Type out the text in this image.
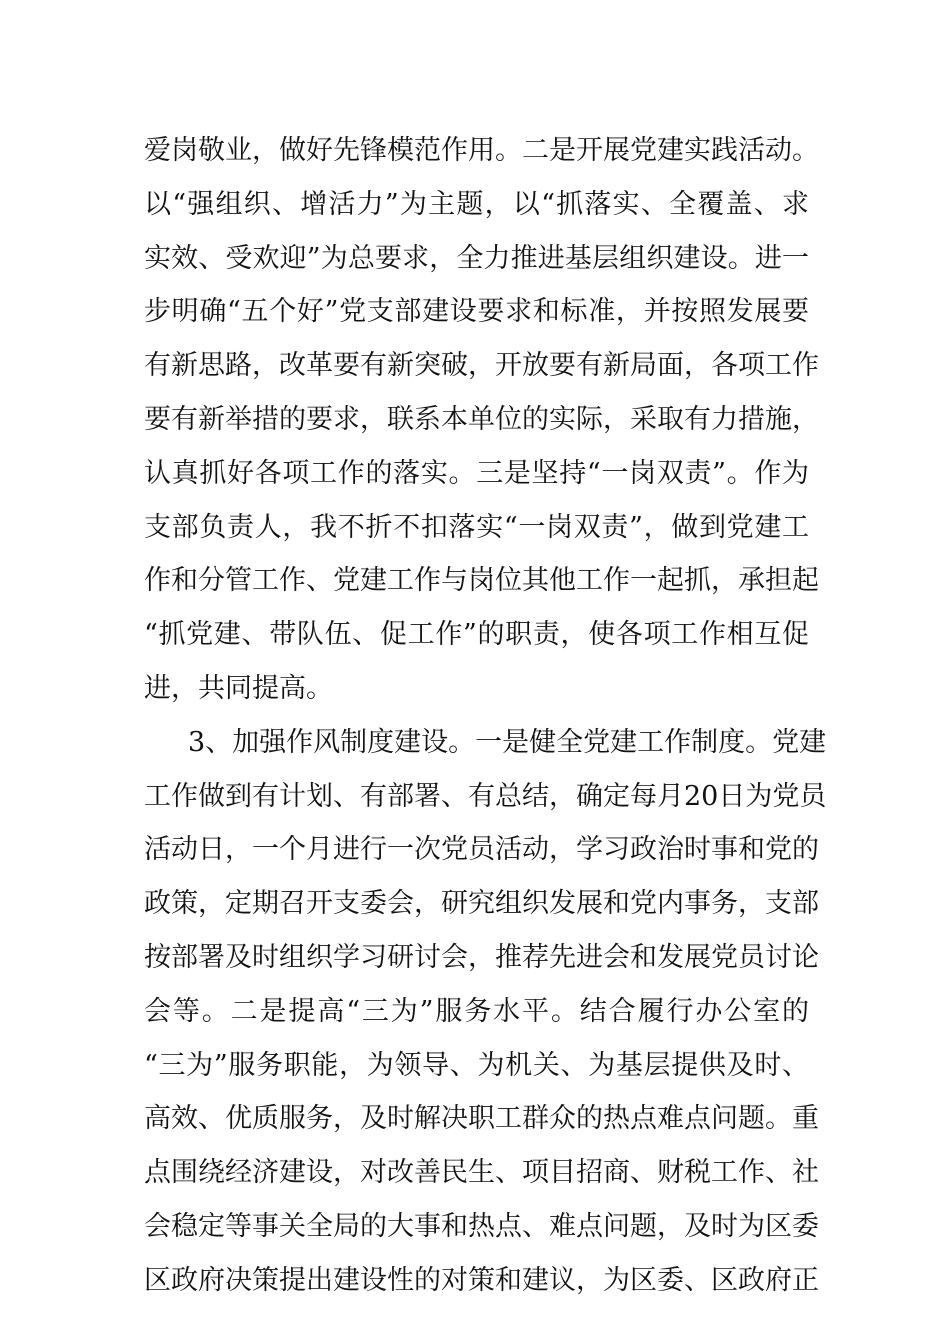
爱岗敬业，做好先锋模范作用。二是开展党建实践活动。
以“强组织、增活力”为主题，以“抓落实、全覆盖、求
实效、受欢迎”为总要求，全力推进基层组织建设。进一
步明确“五个好”党支部建设要求和标准，并按照发展要
有新思路，改革要有新突破，开放要有新局面，各项工作
要有新举措的要求，联系本单位的实际，采取有力措施，
认真抓好各项工作的落实。三是坚持“一岗双责”。作为
支部负责人，我不折不扣落实“一岗双责”，做到党建工
作和分管工作、党建工作与岗位其他工作一起抓，承担起
“抓党建、带队伍、促工作”的职责，使各项工作相互促
进，共同提高。
3、加强作风制度建设。一是健全党建工作制度。党建
工作做到有计划、有部署、有总结，确定每月20日为党员
活动日，一个月进行一次党员活动，学习政治时事和党的
政策，定期召开支委会，研究组织发展和党内事务，支部
按部署及时组织学习研讨会，推荐先进会和发展党员讨论
会等。二是提高“三为”服务水平。结合履行办公室的
“三为”服务职能，为领导、为机关、为基层提供及时、
高效、优质服务，及时解决职工群众的热点难点问题。重
点围绕经济建设，对改善民生、项目招商、财税工作、社
会稳定等事关全局的大事和热点、难点问题，及时为区委
区政府决策提出建设性的对策和建议，为区委、区政府正
